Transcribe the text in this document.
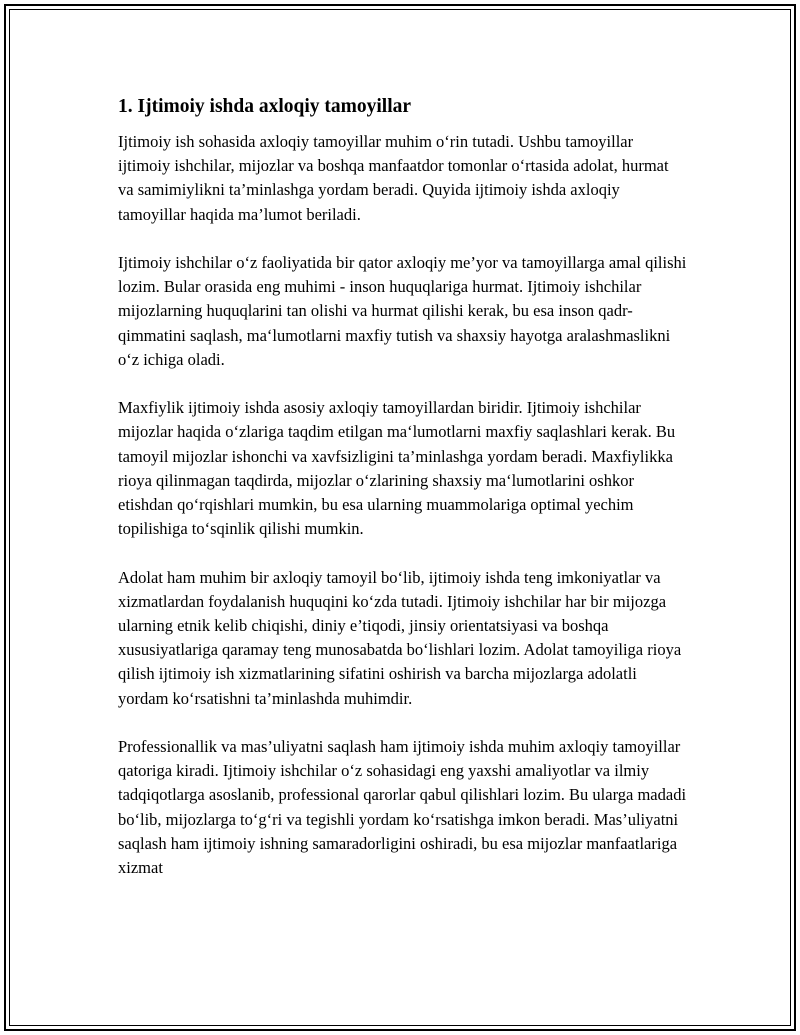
1. Ijtimoiy ishda axloqiy tamoyillar

Ijtimoiy ish sohasida axloqiy tamoyillar muhim o‘rin tutadi. Ushbu tamoyillar ijtimoiy ishchilar, mijozlar va boshqa manfaatdor tomonlar o‘rtasida adolat, hurmat va samimiylikni ta’minlashga yordam beradi. Quyida ijtimoiy ishda axloqiy tamoyillar haqida ma’lumot beriladi.

Ijtimoiy ishchilar o‘z faoliyatida bir qator axloqiy me’yor va tamoyillarga amal qilishi lozim. Bular orasida eng muhimi - inson huquqlariga hurmat. Ijtimoiy ishchilar mijozlarning huquqlarini tan olishi va hurmat qilishi kerak, bu esa inson qadr-qimmatini saqlash, ma‘lumotlarni maxfiy tutish va shaxsiy hayotga aralashmaslikni o‘z ichiga oladi.

Maxfiylik ijtimoiy ishda asosiy axloqiy tamoyillardan biridir. Ijtimoiy ishchilar mijozlar haqida o‘zlariga taqdim etilgan ma‘lumotlarni maxfiy saqlashlari kerak. Bu tamoyil mijozlar ishonchi va xavfsizligini ta’minlashga yordam beradi. Maxfiylikka rioya qilinmagan taqdirda, mijozlar o‘zlarining shaxsiy ma‘lumotlarini oshkor etishdan qo‘rqishlari mumkin, bu esa ularning muammolariga optimal yechim topilishiga to‘sqinlik qilishi mumkin.

Adolat ham muhim bir axloqiy tamoyil bo‘lib, ijtimoiy ishda teng imkoniyatlar va xizmatlardan foydalanish huquqini ko‘zda tutadi. Ijtimoiy ishchilar har bir mijozga ularning etnik kelib chiqishi, diniy e’tiqodi, jinsiy orientatsiyasi va boshqa xususiyatlariga qaramay teng munosabatda bo‘lishlari lozim. Adolat tamoyiliga rioya qilish ijtimoiy ish xizmatlarining sifatini oshirish va barcha mijozlarga adolatli yordam ko‘rsatishni ta’minlashda muhimdir.

Professionallik va mas’uliyatni saqlash ham ijtimoiy ishda muhim axloqiy tamoyillar qatoriga kiradi. Ijtimoiy ishchilar o‘z sohasidagi eng yaxshi amaliyotlar va ilmiy tadqiqotlarga asoslanib, professional qarorlar qabul qilishlari lozim. Bu ularga madadi bo‘lib, mijozlarga to‘g‘ri va tegishli yordam ko‘rsatishga imkon beradi. Mas’uliyatni saqlash ham ijtimoiy ishning samaradorligini oshiradi, bu esa mijozlar manfaatlariga xizmat
